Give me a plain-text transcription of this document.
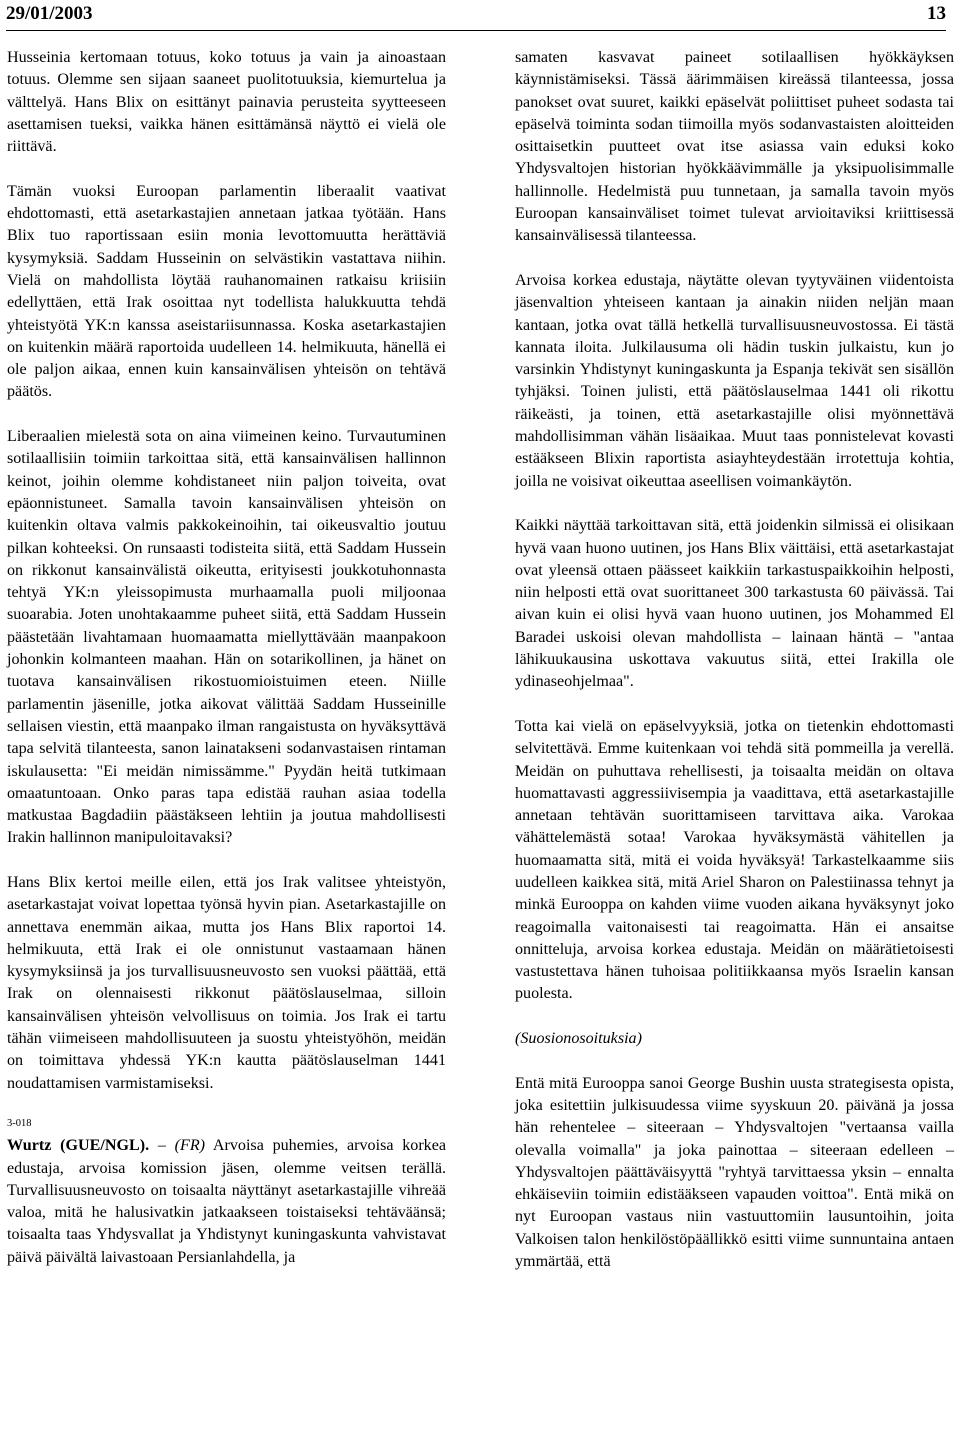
29/01/2003	13

Husseinia kertomaan totuus, koko totuus ja vain ja ainoastaan totuus. Olemme sen sijaan saaneet puolitotuuksia, kiemurtelua ja välttelyä. Hans Blix on esittänyt painavia perusteita syytteeseen asettamisen tueksi, vaikka hänen esittämänsä näyttö ei vielä ole riittävä.

Tämän vuoksi Euroopan parlamentin liberaalit vaativat ehdottomasti, että asetarkastajien annetaan jatkaa työtään. Hans Blix tuo raportissaan esiin monia levottomuutta herättäviä kysymyksiä. Saddam Husseinin on selvästikin vastattava niihin. Vielä on mahdollista löytää rauhanomainen ratkaisu kriisiin edellyttäen, että Irak osoittaa nyt todellista halukkuutta tehdä yhteistyötä YK:n kanssa aseistariisunnassa. Koska asetarkastajien on kuitenkin määrä raportoida uudelleen 14. helmikuuta, hänellä ei ole paljon aikaa, ennen kuin kansainvälisen yhteisön on tehtävä päätös.

Liberaalien mielestä sota on aina viimeinen keino. Turvautuminen sotilaallisiin toimiin tarkoittaa sitä, että kansainvälisen hallinnon keinot, joihin olemme kohdistaneet niin paljon toiveita, ovat epäonnistuneet. Samalla tavoin kansainvälisen yhteisön on kuitenkin oltava valmis pakkokeinoihin, tai oikeusvaltio joutuu pilkan kohteeksi. On runsaasti todisteita siitä, että Saddam Hussein on rikkonut kansainvälistä oikeutta, erityisesti joukkotuhonnasta tehtyä YK:n yleissopimusta murhaamalla puoli miljoonaa suoarabia. Joten unohtakaamme puheet siitä, että Saddam Hussein päästetään livahtamaan huomaamatta miellyttävään maanpakoon johonkin kolmanteen maahan. Hän on sotarikollinen, ja hänet on tuotava kansainvälisen rikostuomioistuimen eteen. Niille parlamentin jäsenille, jotka aikovat välittää Saddam Husseinille sellaisen viestin, että maanpako ilman rangaistusta on hyväksyttävä tapa selvitä tilanteesta, sanon lainatakseni sodanvastaisen rintaman iskulausetta: "Ei meidän nimissämme." Pyydän heitä tutkimaan omaatuntoaan. Onko paras tapa edistää rauhan asiaa todella matkustaa Bagdadiin päästäkseen lehtiin ja joutua mahdollisesti Irakin hallinnon manipuloitavaksi?

Hans Blix kertoi meille eilen, että jos Irak valitsee yhteistyön, asetarkastajat voivat lopettaa työnsä hyvin pian. Asetarkastajille on annettava enemmän aikaa, mutta jos Hans Blix raportoi 14. helmikuuta, että Irak ei ole onnistunut vastaamaan hänen kysymyksiinsä ja jos turvallisuusneuvosto sen vuoksi päättää, että Irak on olennaisesti rikkonut päätöslauselmaa, silloin kansainvälisen yhteisön velvollisuus on toimia. Jos Irak ei tartu tähän viimeiseen mahdollisuuteen ja suostu yhteistyöhön, meidän on toimittava yhdessä YK:n kautta päätöslauselman 1441 noudattamisen varmistamiseksi.

3-018

Wurtz (GUE/NGL). – (FR) Arvoisa puhemies, arvoisa korkea edustaja, arvoisa komission jäsen, olemme veitsen terällä. Turvallisuusneuvosto on toisaalta näyttänyt asetarkastajille vihreää valoa, mitä he halusivatkin jatkaakseen toistaiseksi tehtäväänsä; toisaalta taas Yhdysvallat ja Yhdistynyt kuningaskunta vahvistavat päivä päivältä laivastoaan Persianlahdella, ja

samaten kasvavat paineet sotilaallisen hyökkäyksen käynnistämiseksi. Tässä äärimmäisen kireässä tilanteessa, jossa panokset ovat suuret, kaikki epäselvät poliittiset puheet sodasta tai epäselvä toiminta sodan tiimoilla myös sodanvastaisten aloitteiden osittaisetkin puutteet ovat itse asiassa vain eduksi koko Yhdysvaltojen historian hyökkäävimmälle ja yksipuolisimmalle hallinnolle. Hedelmistä puu tunnetaan, ja samalla tavoin myös Euroopan kansainväliset toimet tulevat arvioitaviksi kriittisessä kansainvälisessä tilanteessa.

Arvoisa korkea edustaja, näytätte olevan tyytyväinen viidentoista jäsenvaltion yhteiseen kantaan ja ainakin niiden neljän maan kantaan, jotka ovat tällä hetkellä turvallisuusneuvostossa. Ei tästä kannata iloita. Julkilausuma oli hädin tuskin julkaistu, kun jo varsinkin Yhdistynyt kuningaskunta ja Espanja tekivät sen sisällön tyhjäksi. Toinen julisti, että päätöslauselmaa 1441 oli rikottu räikeästi, ja toinen, että asetarkastajille olisi myönnettävä mahdollisimman vähän lisäaikaa. Muut taas ponnistelevat kovasti estääkseen Blixin raportista asiayhteydestään irrotettuja kohtia, joilla ne voisivat oikeuttaa aseellisen voimankäytön.

Kaikki näyttää tarkoittavan sitä, että joidenkin silmissä ei olisikaan hyvä vaan huono uutinen, jos Hans Blix väittäisi, että asetarkastajat ovat yleensä ottaen päässeet kaikkiin tarkastuspaikkoihin helposti, niin helposti että ovat suorittaneet 300 tarkastusta 60 päivässä. Tai aivan kuin ei olisi hyvä vaan huono uutinen, jos Mohammed El Baradei uskoisi olevan mahdollista – lainaan häntä – "antaa lähikuukausina uskottava vakuutus siitä, ettei Irakilla ole ydinaseohjelmaa".

Totta kai vielä on epäselvyyksiä, jotka on tietenkin ehdottomasti selvitettävä. Emme kuitenkaan voi tehdä sitä pommeilla ja verellä. Meidän on puhuttava rehellisesti, ja toisaalta meidän on oltava huomattavasti aggressiivisempia ja vaadittava, että asetarkastajille annetaan tehtävän suorittamiseen tarvittava aika. Varokaa vähättelemästä sotaa! Varokaa hyväksymästä vähitellen ja huomaamatta sitä, mitä ei voida hyväksyä! Tarkastelkaamme siis uudelleen kaikkea sitä, mitä Ariel Sharon on Palestiinassa tehnyt ja minkä Eurooppa on kahden viime vuoden aikana hyväksynyt joko reagoimalla vaitonaisesti tai reagoimatta. Hän ei ansaitse onnitteluja, arvoisa korkea edustaja. Meidän on määrätietoisesti vastustettava hänen tuhoisaa politiikkaansa myös Israelin kansan puolesta.

(Suosionosoituksia)

Entä mitä Eurooppa sanoi George Bushin uusta strategisesta opista, joka esitettiin julkisuudessa viime syyskuun 20. päivänä ja jossa hän rehentelee – siteeraan – Yhdysvaltojen "vertaansa vailla olevalla voimalla" ja joka painottaa – siteeraan edelleen – Yhdysvaltojen päättäväisyyttä "ryhtyä tarvittaessa yksin – ennalta ehkäiseviin toimiin edistääkseen vapauden voittoa". Entä mikä on nyt Euroopan vastaus niin vastuuttomiin lausuntoihin, joita Valkoisen talon henkilöstöpäällikkö esitti viime sunnuntaina antaen ymmärtää, että
